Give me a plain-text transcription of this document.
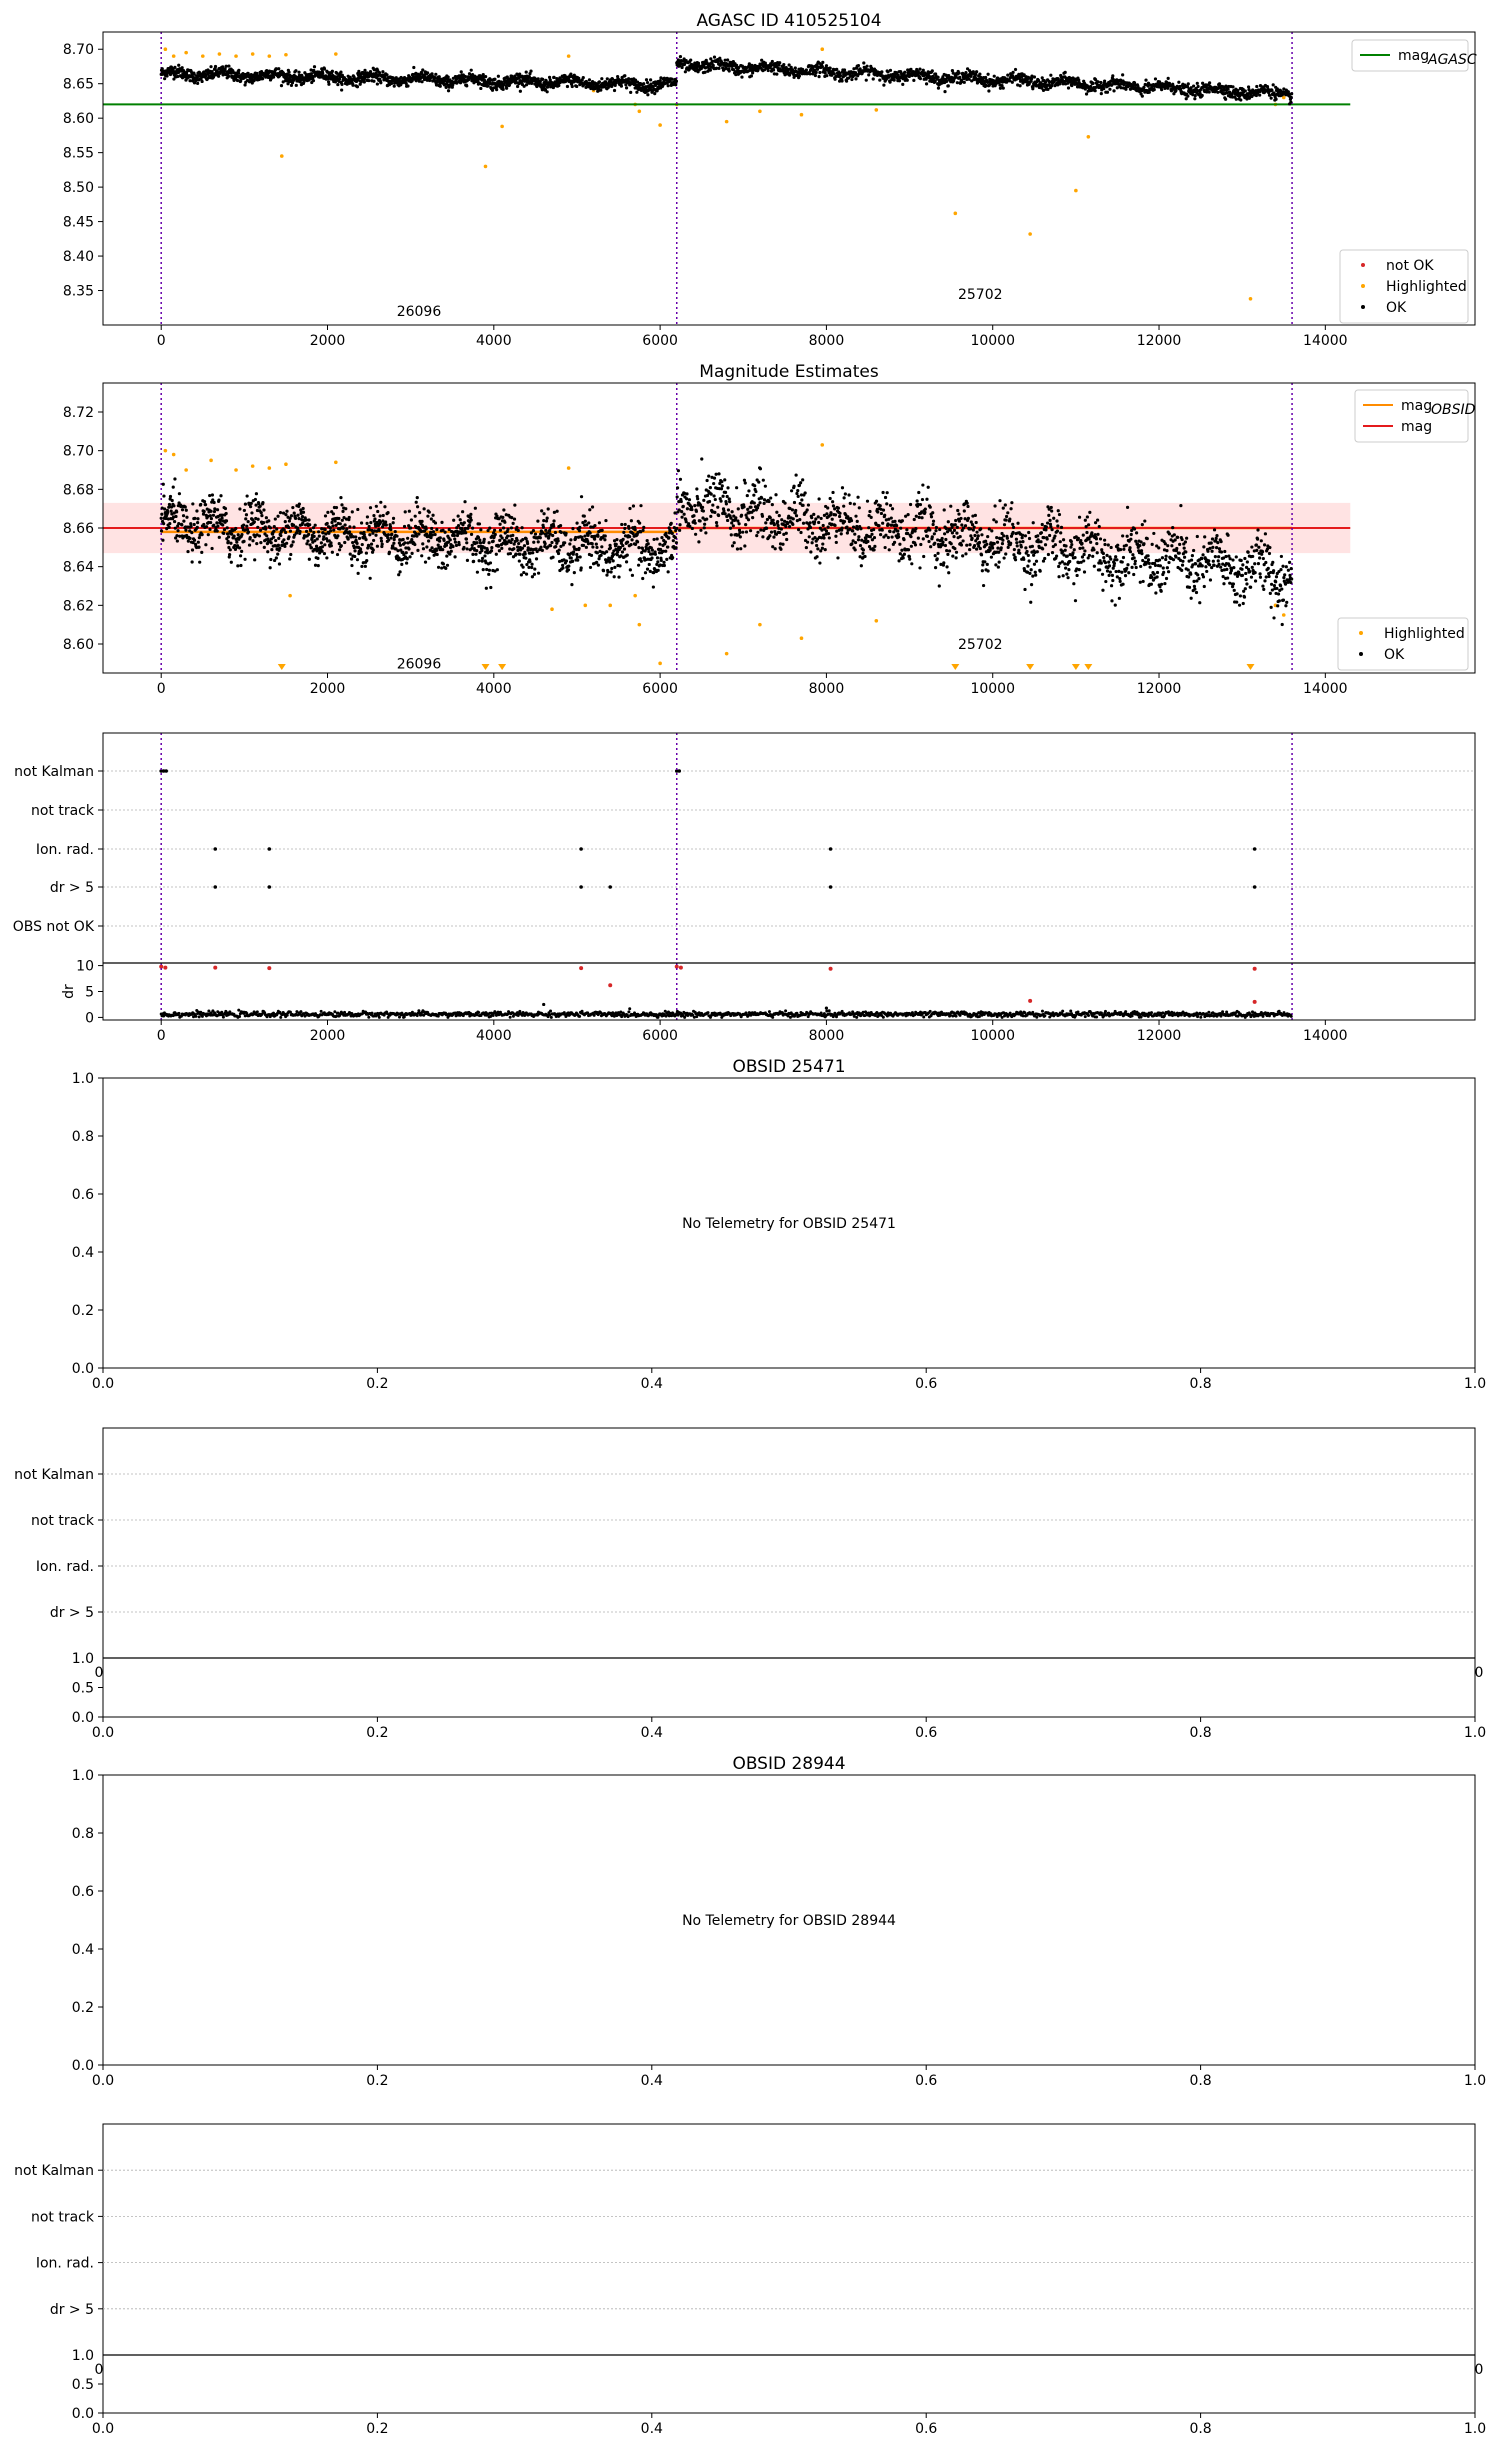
AGASC ID 410525104
26096
25702
0	2000	4000	6000	8000	10000	12000	14000
8.35
8.40
8.45
8.50
8.55
8.60
8.65
8.70	mag
AGASC
not OK
Highlighted
OK
Magnitude Estimates
26096
25702
0	2000	4000	6000	8000	10000	12000	14000
8.60
8.62
8.64
8.66
8.68
8.70
8.72	mag
OBSID
mag
Highlighted
OK
not Kalman
not track
Ion. rad.
dr > 5
OBS not OK
0
5
10
dr
0	2000	4000	6000	8000	10000	12000	14000
OBSID 25471
No Telemetry for OBSID 25471
0.0
0.2
0.4
0.6
0.8
1.0
0.0	0.2	0.4	0.6	0.8	1.0
not Kalman
not track
Ion. rad.
dr > 5
1.0
0	0
0.0
0.5
0.0	0.2	0.4	0.6	0.8	1.0
OBSID 28944
No Telemetry for OBSID 28944
0.0
0.2
0.4
0.6
0.8
1.0
0.0	0.2	0.4	0.6	0.8	1.0
not Kalman
not track
Ion. rad.
dr > 5
1.0
0	0
0.0
0.5
0.0	0.2	0.4	0.6	0.8	1.0
